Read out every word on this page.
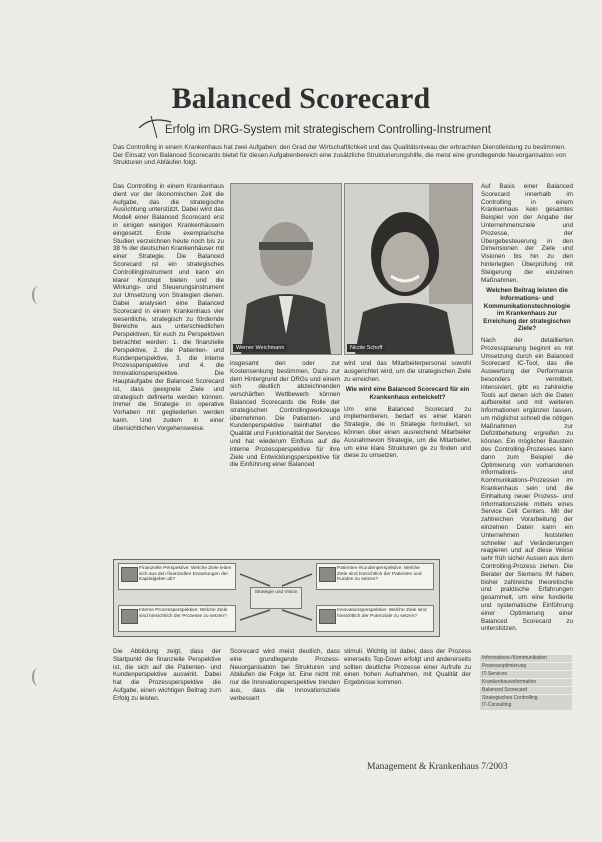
Balanced Scorecard
Erfolg im DRG-System mit strategischem Controlling-Instrument
Das Controlling in einem Krankenhaus hat zwei Aufgaben: den Grad der Wirtschaftlichkeit und das Qualitätsniveau der erbrachten Dienstleistung zu bestimmen. Der Einsatz von Balanced Scorecards bietet für diesen Aufgabenbereich eine zusätzliche Strukturierungshilfe, die meist eine grundlegende Neuorganisation von Strukturen und Abläufen folgt.
Das Controlling in einem Krankenhaus dient vor der ökonomischen Zeit die Aufgabe, das die strategische Ausrichtung unterstützt. Dabei wird das Modell einer Balanced Scorecard erst in einigen wenigen Krankenhäusern eingesetzt. Erste exemplarische Studien verzeichnen heute noch bis zu 38 % der deutschen Krankenhäuser mit einer Strategie. Die Balanced Scorecard ist ein strategisches Controllinginstrument und kann ein klarer Konzept bieten und die Wirkungs- und Steuerungsinstrument zur Umsetzung von Strategien dienen. Dabei analysiert eine Balanced Scorecard in einem Krankenhaus vier wesentliche, strategisch zu fördernde Bereiche aus unterschiedlichen Perspektiven, für euch zu Perspektiven betrachtet werden: 1. die finanzielle Perspektive, 2. die Patienten- und Kundenperspektive, 3. die interne Prozessperspektive und 4. die Innovationsperspektive. Die Hauptaufgabe der Balanced Scorecard ist, dass geeignete Ziele und strategisch definierte werden können. Immer die Strategie in operative Vorhaben mit gegliederten werden kann. Und zudem in einer übersichtlichen Vorgehensweise.
Werner Weichmann	Nicole Schoff
insgesamt den oder zur Kostensenkung bestimmen. Dazu zur dem Hintergrund der DRGs und einem sich deutlich abzeichnenden verschärften Wettbewerb können Balanced Scorecards die Rolle der strategischen Controllingwerkzeuge übernehmen. Die Patienten- und Kundenperspektive beinhaltet die Qualität und Funktionalität der Services und hat wiederum Einfluss auf die interne Prozessperspektive für ihre Ziele und Entwicklungsperspektive für die Einführung einer Balanced
wird und das Mitarbeiterpersonal sowohl ausgerichtet wird, um die strategischen Ziele zu erreichen.
Wie wird eine Balanced Scorecard für ein Krankenhaus entwickelt?
Um eine Balanced Scorecard zu implementieren, bedarf es einer klaren Strategie, die in Strategie formuliert, so können über einen ausreichend Mitarbeiter Ausnahmevon Strategie, um die Mitarbeiter, um eine klare Strukturen ge zu finden und diese zu umsetzen.
Auf Basis einer Balanced Scorecard innerhalb im Controlling in einem Krankenhaus kein gesamtes Beispiel von der Angabe der Unternehmensziele und Prozesse, der Übergebesteuerung in den Dimensionen der Ziele und Visionen bis hin zu den hinterlegten Überprüfung mit Steigerung der einzelnen Maßnahmen.
Welchen Beitrag leisten die Informations- und Kommunikationstechnologie im Krankenhaus zur Erreichung der strategischen Ziele?
Nach der detaillierten Prozessplanung beginnt es mit Umsetzung durch ein Balanced Scorecard IC-Tool, das die Auswertung der Performance besonders vermittelt, intensiviert, gibt es zahlreiche Tools auf denen sich die Daten aufbereitet und mit weiteren Informationen ergänzen lassen, um möglichst schnell die nötigen Maßnahmen zur Defizitbehebung ergreifen zu können. Ein möglicher Baustein des Controlling-Prozesses kann dann zum Beispiel die Optimierung von vorhandenen Informations- und Kommunikations-Prozessen im Krankenhaus sein und die Einhaltung neuer Prozess- und Informationsziele mittels eines Service Cell Centers. Mit der zahlreichen Vorarbeitung der einzelnen Daten kann ein Unternehmen feststellen schneller auf Veränderungen reagieren und auf diese Weise sehr früh sicher Aussen aus dem Controlling-Prozess ziehen. Die Berater der Siemens IM haben bisher zahlreiche theoretische und praktische Erfahrungen gesammelt, um eine fundierte und systematische Einführung einer Optimierung einer Balanced Scorecard zu unterstützen.
Finanzielle Perspektive: Welche Ziele leiten sich aus den finanziellen Erwartungen der Kapitalgeber ab?
Patienten-/Kundenperspektive: Welche Ziele sind hinsichtlich der Patienten und Kunden zu setzen?
Interne Prozessperspektive: Welche Ziele sind hinsichtlich der Prozesse zu setzen?
Innovationsperspektive: Welche Ziele sind hinsichtlich der Potenziale zu setzen?
Strategie und Vision
Die Abbildung zeigt, dass der Startpunkt die finanzielle Perspektive ist, die sich auf die Patienten- und Kundenperspektive auswirkt. Dabei hat die Prozessperspektive die Aufgabe, einen wichtigen Beitrag zum Erfolg zu leisten.
Scorecard wird meist deutlich, dass eine grundlegende Prozess-Neuorganisation bei Strukturen und Abläufen die Folge ist. Eine nicht mit nur die Innovationsperspektive trenden aus, dass die Innovationsziele verbessert
stimuli. Wichtig ist dabei, dass der Prozess einerseits Top-Down erfolgt und andererseits sollten deutliche Prozesse einer Aufrufe zu einen hohen Aufnahmen, mit Qualität der Ergebnisse kommen.
Informations-/Kommunikation
Prozessoptimierung
IT-Services
Krankenhausinformation
Balanced Scorecard
Strategisches Controlling
IT-Consulting
Management & Krankenhaus 7/2003
